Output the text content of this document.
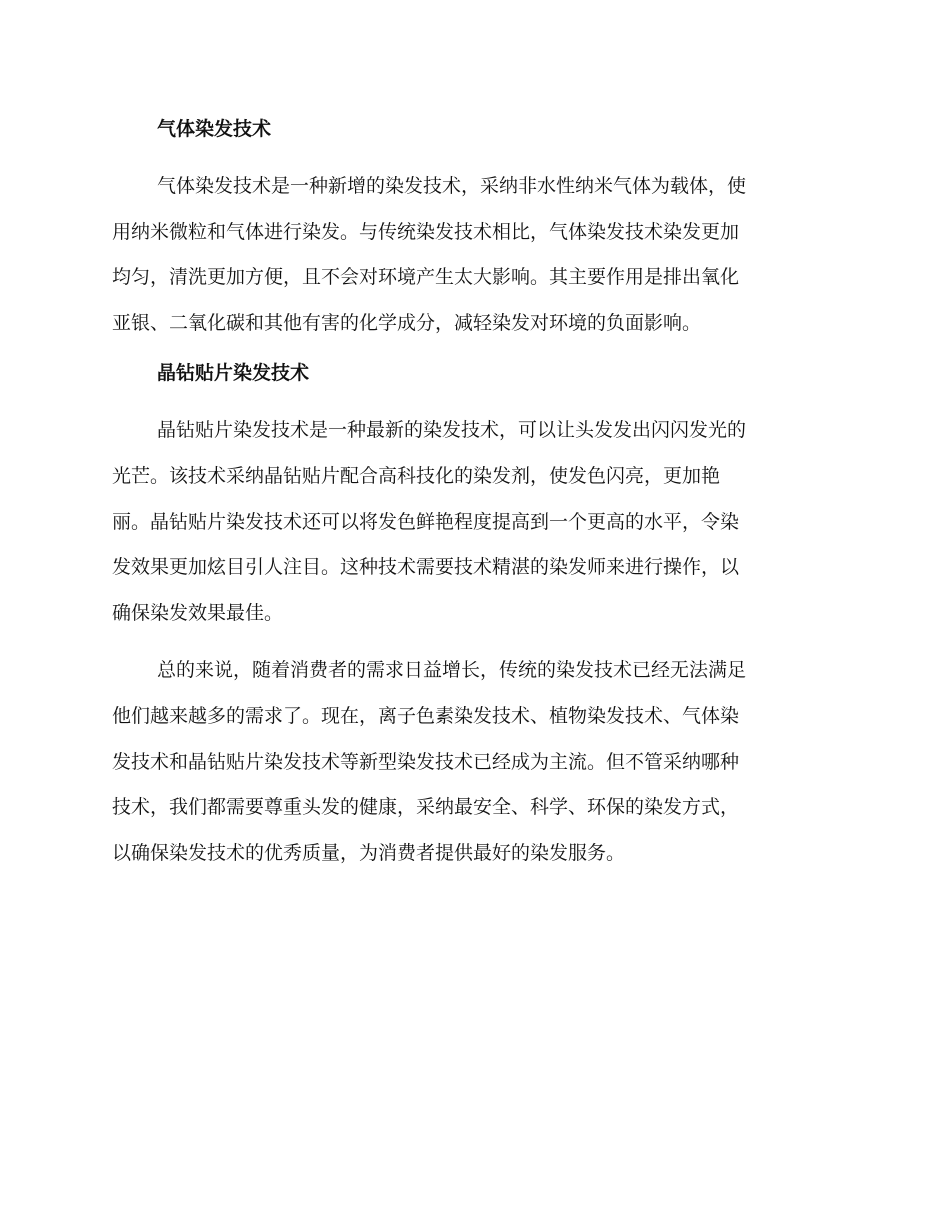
气体染发技术
气体染发技术是一种新增的染发技术，采纳非水性纳米气体为载体，使
用纳米微粒和气体进行染发。与传统染发技术相比，气体染发技术染发更加
均匀，清洗更加方便，且不会对环境产生太大影响。其主要作用是排出氧化
亚银、二氧化碳和其他有害的化学成分，减轻染发对环境的负面影响。
晶钻贴片染发技术
晶钻贴片染发技术是一种最新的染发技术，可以让头发发出闪闪发光的
光芒。该技术采纳晶钻贴片配合高科技化的染发剂，使发色闪亮，更加艳
丽。晶钻贴片染发技术还可以将发色鲜艳程度提高到一个更高的水平，令染
发效果更加炫目引人注目。这种技术需要技术精湛的染发师来进行操作，以
确保染发效果最佳。
总的来说，随着消费者的需求日益增长，传统的染发技术已经无法满足
他们越来越多的需求了。现在，离子色素染发技术、植物染发技术、气体染
发技术和晶钻贴片染发技术等新型染发技术已经成为主流。但不管采纳哪种
技术，我们都需要尊重头发的健康，采纳最安全、科学、环保的染发方式，
以确保染发技术的优秀质量，为消费者提供最好的染发服务。
